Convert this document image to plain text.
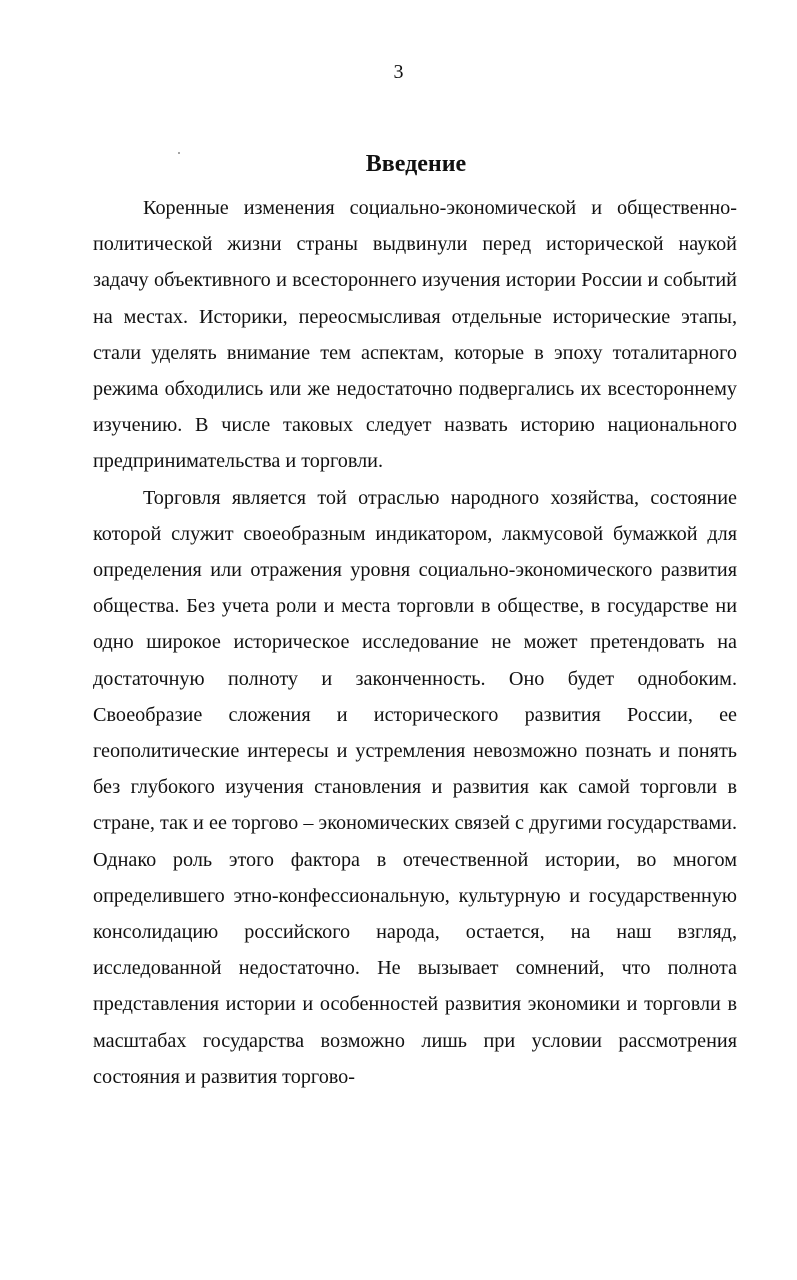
3
Введение

Коренные изменения социально-экономической и общественно-политической жизни страны выдвинули перед исторической наукой задачу объективного и всестороннего изучения истории России и событий на местах. Историки, переосмысливая отдельные исторические этапы, стали уделять внимание тем аспектам, которые в эпоху тоталитарного режима обходились или же недостаточно подвергались их всестороннему изучению. В числе таковых следует назвать историю национального предпринимательства и торговли.

Торговля является той отраслью народного хозяйства, состояние которой служит своеобразным индикатором, лакмусовой бумажкой для определения или отражения уровня социально-экономического развития общества. Без учета роли и места торговли в обществе, в государстве ни одно широкое историческое исследование не может претендовать на достаточную полноту и законченность. Оно будет однобоким. Своеобразие сложения и исторического развития России, ее геополитические интересы и устремления невозможно познать и понять без глубокого изучения становления и развития как самой торговли в стране, так и ее торгово – экономических связей с другими государствами. Однако роль этого фактора в отечественной истории, во многом определившего этно-конфессиональную, культурную и государственную консолидацию российского народа, остается, на наш взгляд, исследованной недостаточно. Не вызывает сомнений, что полнота представления истории и особенностей развития экономики и торговли в масштабах государства возможно лишь при условии рассмотрения состояния и развития торгово-
